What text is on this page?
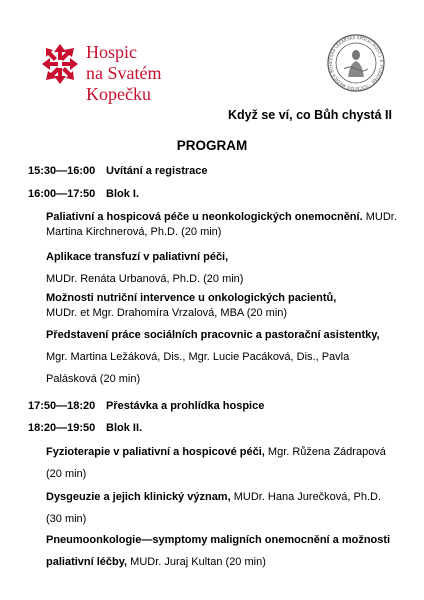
Hospic
na Svatém Kopečku
CESKA LEKARSKA SPOLECNOST J. E. PURKYNE · SOCIETAS MEDICA BOH
Když se ví, co Bůh chystá II
PROGRAM
15:30—16:00 Uvítání a registrace
16:00—17:50 Blok I.
Paliativní a hospicová péče u neonkologických onemocnění. MUDr.
Martina Kirchnerová, Ph.D. (20 min)
Aplikace transfuzí v paliativní péči,
MUDr. Renáta Urbanová, Ph.D. (20 min)
Možnosti nutriční intervence u onkologických pacientů,
MUDr. et Mgr. Drahomíra Vrzalová, MBA (20 min)
Představení práce sociálních pracovnic a pastorační asistentky,
Mgr. Martina Ležáková, Dis., Mgr. Lucie Pacáková, Dis., Pavla
Palásková (20 min)
17:50—18:20 Přestávka a prohlídka hospice
18:20—19:50 Blok II.
Fyzioterapie v paliativní a hospicové péči, Mgr. Růžena Zádrapová
(20 min)
Dysgeuzie a jejich klinický význam, MUDr. Hana Jurečková, Ph.D.
(30 min)
Pneumoonkologie—symptomy maligních onemocnění a možnosti
paliativní léčby, MUDr. Juraj Kultan (20 min)
